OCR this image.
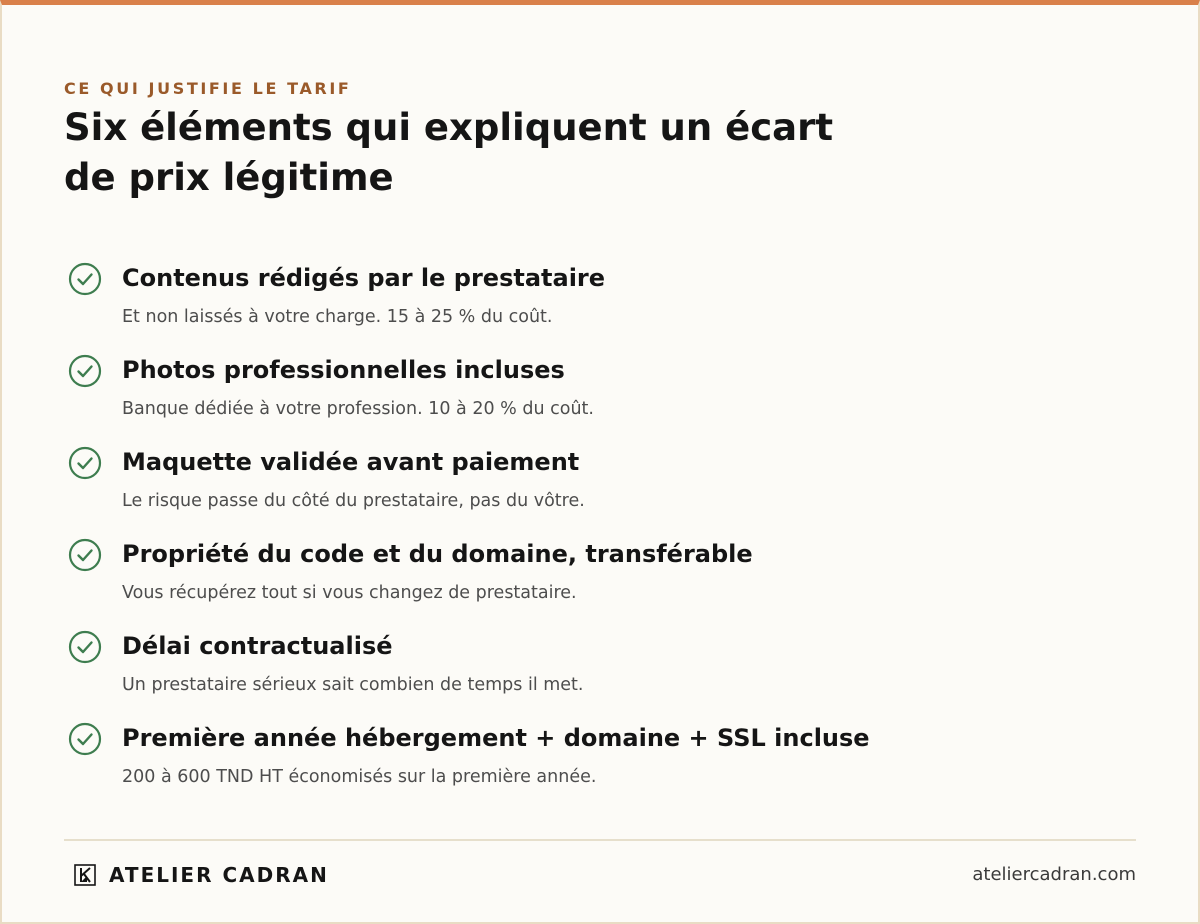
CE QUI JUSTIFIE LE TARIF

Six éléments qui expliquent un écart de prix légitime
Contenus rédigés par le prestataire
Et non laissés à votre charge. 15 à 25 % du coût.
Photos professionnelles incluses
Banque dédiée à votre profession. 10 à 20 % du coût.
Maquette validée avant paiement
Le risque passe du côté du prestataire, pas du vôtre.
Propriété du code et du domaine, transférable
Vous récupérez tout si vous changez de prestataire.
Délai contractualisé
Un prestataire sérieux sait combien de temps il met.
Première année hébergement + domaine + SSL incluse
200 à 600 TND HT économisés sur la première année.
ATELIER CADRAN	ateliercadran.com
